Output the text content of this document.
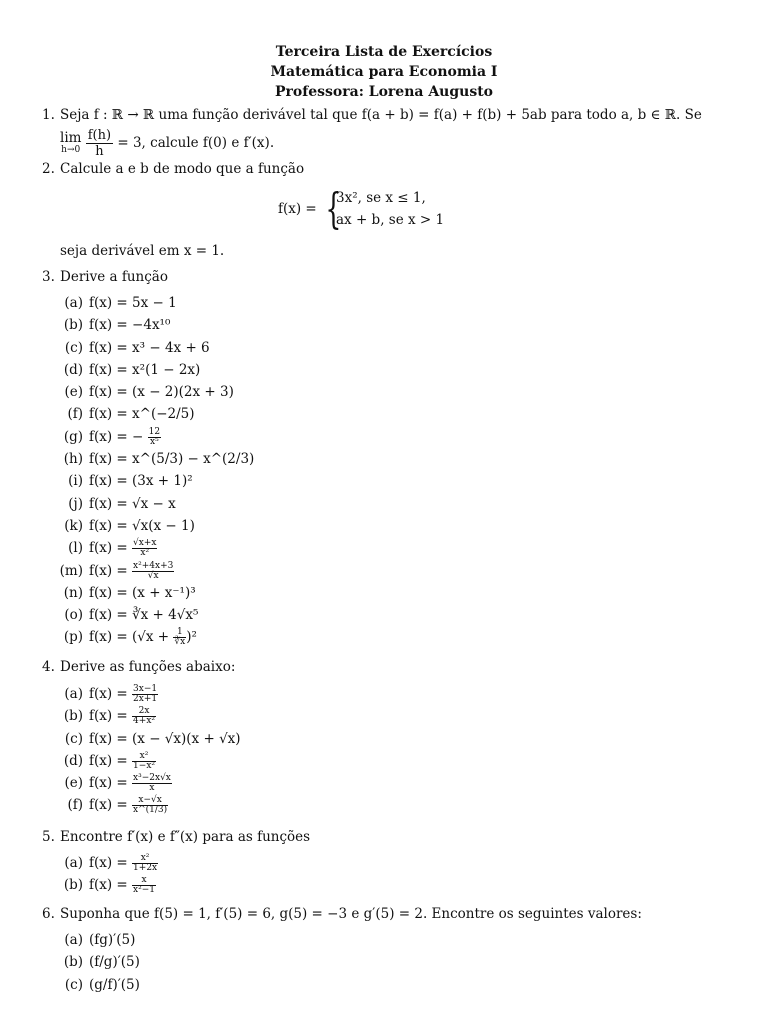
Terceira Lista de Exercícios
Matemática para Economia I
Professora: Lorena Augusto
1. Seja f : ℝ → ℝ uma função derivável tal que f(a + b) = f(a) + f(b) + 5ab para todo a, b ∈ ℝ. Se
lim
h→0
$\frac{f(h)}{h} = 3$, calcule f(0) e f′(x).
2. Calcule a e b de modo que a função
f(x) = {
3x², se x ≤ 1,
ax + b, se x > 1
seja derivável em x = 1.
3. Derive a função
(a) f(x) = 5x − 1
(b) f(x) = −4x¹⁰
(c) f(x) = x³ − 4x + 6
(d) f(x) = x²(1 − 2x)
(e) f(x) = (x − 2)(2x + 3)
(f) f(x) = x^(−2/5)
(g) f(x) = − $\frac{12}{\text{x⁵}}$
(h) f(x) = x^(5/3) − x^(2/3)
(i) f(x) = (3x + 1)²
(j) f(x) = √x − x
(k) f(x) = √x(x − 1)
(l) $f(x) = \frac{√x+x}{\text{x²}}$
(m) $f(x) = \frac{\text{x²+4x+3}}{√x}$
(n) f(x) = (x + x⁻¹)³
(o) f(x) = ∛x + 4√x⁵
(p) $f(x) = (√x + \frac{1}{∛x} )^2$
4. Derive as funções abaixo:
(a) $f(x) = \frac{3x-1}{2x+1}$
(b) $f(x) = \frac{2x}{\text{4+x²}}$
(c) f(x) = (x − √x)(x + √x)
(d) $f(x) = \frac{\text{x²}}{\text{1−x²}}$
(e) $f(x) = \frac{\text{x³−2x√x}}{x}$
(f) $f(x) = \frac{x-√x}{x\^{}(1/3)}$
5. Encontre f′(x) e f″(x) para as funções
(a) $f(x) = \frac{\text{x²}}{1+2x}$
(b) $f(x) = \frac{x}{\text{x²−1}}$
6. Suponha que f(5) = 1, f′(5) = 6, g(5) = −3 e g′(5) = 2. Encontre os seguintes valores:
(a) (fg)′(5)
(b) (f/g)′(5)
(c) (g/f)′(5)
